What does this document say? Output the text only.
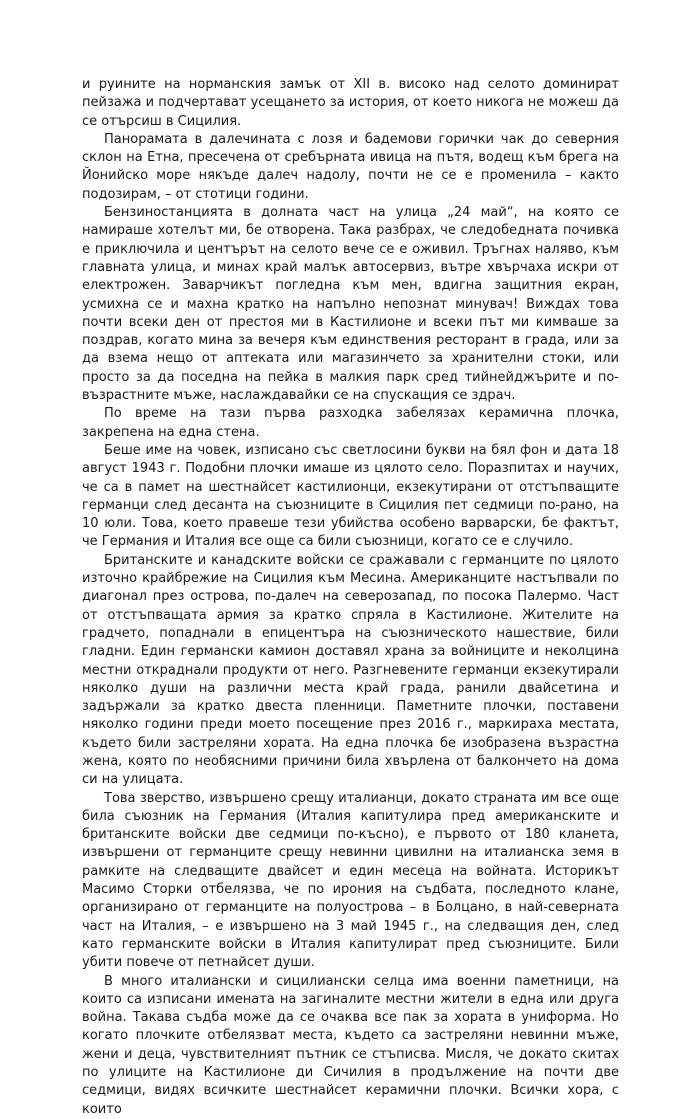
и руините на норманския замък от XII в. високо над селото доминират пейзажа и подчертават усещането за история, от което никога не можеш да се отърсиш в Сицилия.

Панорамата в далечината с лозя и бадемови горички чак до северния склон на Етна, пресечена от сребърната ивица на пътя, водещ към брега на Йонийско море някъде далеч надолу, почти не се е променила – както подозирам, – от стотици години.

Бензиностанцията в долната част на улица „24 май“, на която се намираше хотелът ми, бе отворена. Така разбрах, че следобедната почивка е приключила и центърът на селото вече се е оживил. Тръгнах наляво, към главната улица, и минах край малък автосервиз, вътре хвърчаха искри от електрожен. Заварчикът погледна към мен, вдигна защитния екран, усмихна се и махна кратко на напълно непознат минувач! Виждах това почти всеки ден от престоя ми в Кастилионе и всеки път ми кимваше за поздрав, когато мина за вечеря към единствения ресторант в града, или за да взема нещо от аптеката или магазинчето за хранителни стоки, или просто за да поседна на пейка в малкия парк сред тийнейджърите и по-възрастните мъже, наслаждавайки се на спускащия се здрач.

По време на тази първа разходка забелязах керамична плочка, закрепена на една стена.

Беше име на човек, изписано със светлосини букви на бял фон и дата 18 август 1943 г. Подобни плочки имаше из цялото село. Поразпитах и научих, че са в памет на шестнайсет кастилионци, екзекутирани от отстъпващите германци след десанта на съюзниците в Сицилия пет седмици по-рано, на 10 юли. Това, което правеше тези убийства особено варварски, бе фактът, че Германия и Италия все още са били съюзници, когато се е случило.

Британските и канадските войски се сражавали с германците по цялото източно крайбрежие на Сицилия към Месина. Американците настъпвали по диагонал през острова, по-далеч на северозапад, по посока Палермо. Част от отстъпващата армия за кратко спряла в Кастилионе. Жителите на градчето, попаднали в епицентъра на съюзническото нашествие, били гладни. Един германски камион доставял храна за войниците и неколцина местни откраднали продукти от него. Разгневените германци екзекутирали няколко души на различни места край града, ранили двайсетина и задържали за кратко двеста пленници. Паметните плочки, поставени няколко години преди моето посещение през 2016 г., маркираха местата, където били застреляни хората. На една плочка бе изобразена възрастна жена, която по необясними причини била хвърлена от балкончето на дома си на улицата.

Това зверство, извършено срещу италианци, докато страната им все още била съюзник на Германия (Италия капитулира пред американските и британските войски две седмици по-късно), е първото от 180 кланета, извършени от германците срещу невинни цивилни на италианска земя в рамките на следващите двайсет и един месеца на войната. Историкът Масимо Сторки отбелязва, че по ирония на съдбата, последното клане, организирано от германците на полуострова – в Болцано, в най-северната част на Италия, – е извършено на 3 май 1945 г., на следващия ден, след като германските войски в Италия капитулират пред съюзниците. Били убити повече от петнайсет души.

В много италиански и сицилиански селца има военни паметници, на които са изписани имената на загиналите местни жители в една или друга война. Такава съдба може да се очаква все пак за хората в униформа. Но когато плочките отбелязват места, където са застреляни невинни мъже, жени и деца, чувствителният пътник се стъписва. Мисля, че докато скитах по улиците на Кастилионе ди Сичилия в продължение на почти две седмици, видях всичките шестнайсет керамични плочки. Всички хора, с които
